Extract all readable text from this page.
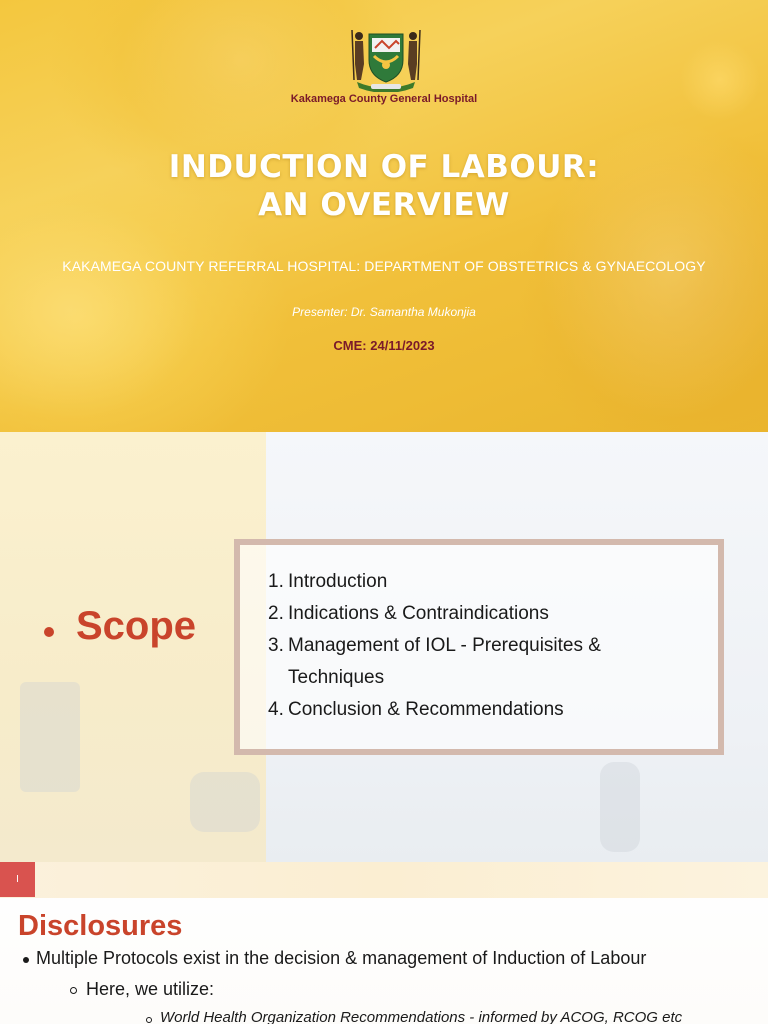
Kakamega County General Hospital
INDUCTION OF LABOUR:
AN OVERVIEW
KAKAMEGA COUNTY REFERRAL HOSPITAL: DEPARTMENT OF OBSTETRICS & GYNAECOLOGY
Presenter: Dr. Samantha Mukonjia
CME: 24/11/2023
Scope
1. Introduction
2. Indications & Contraindications
3. Management of IOL - Prerequisites & Techniques
4. Conclusion & Recommendations
I
Disclosures
Multiple Protocols exist in the decision & management of Induction of Labour
Here, we utilize:
World Health Organization Recommendations - informed by ACOG, RCOG etc
